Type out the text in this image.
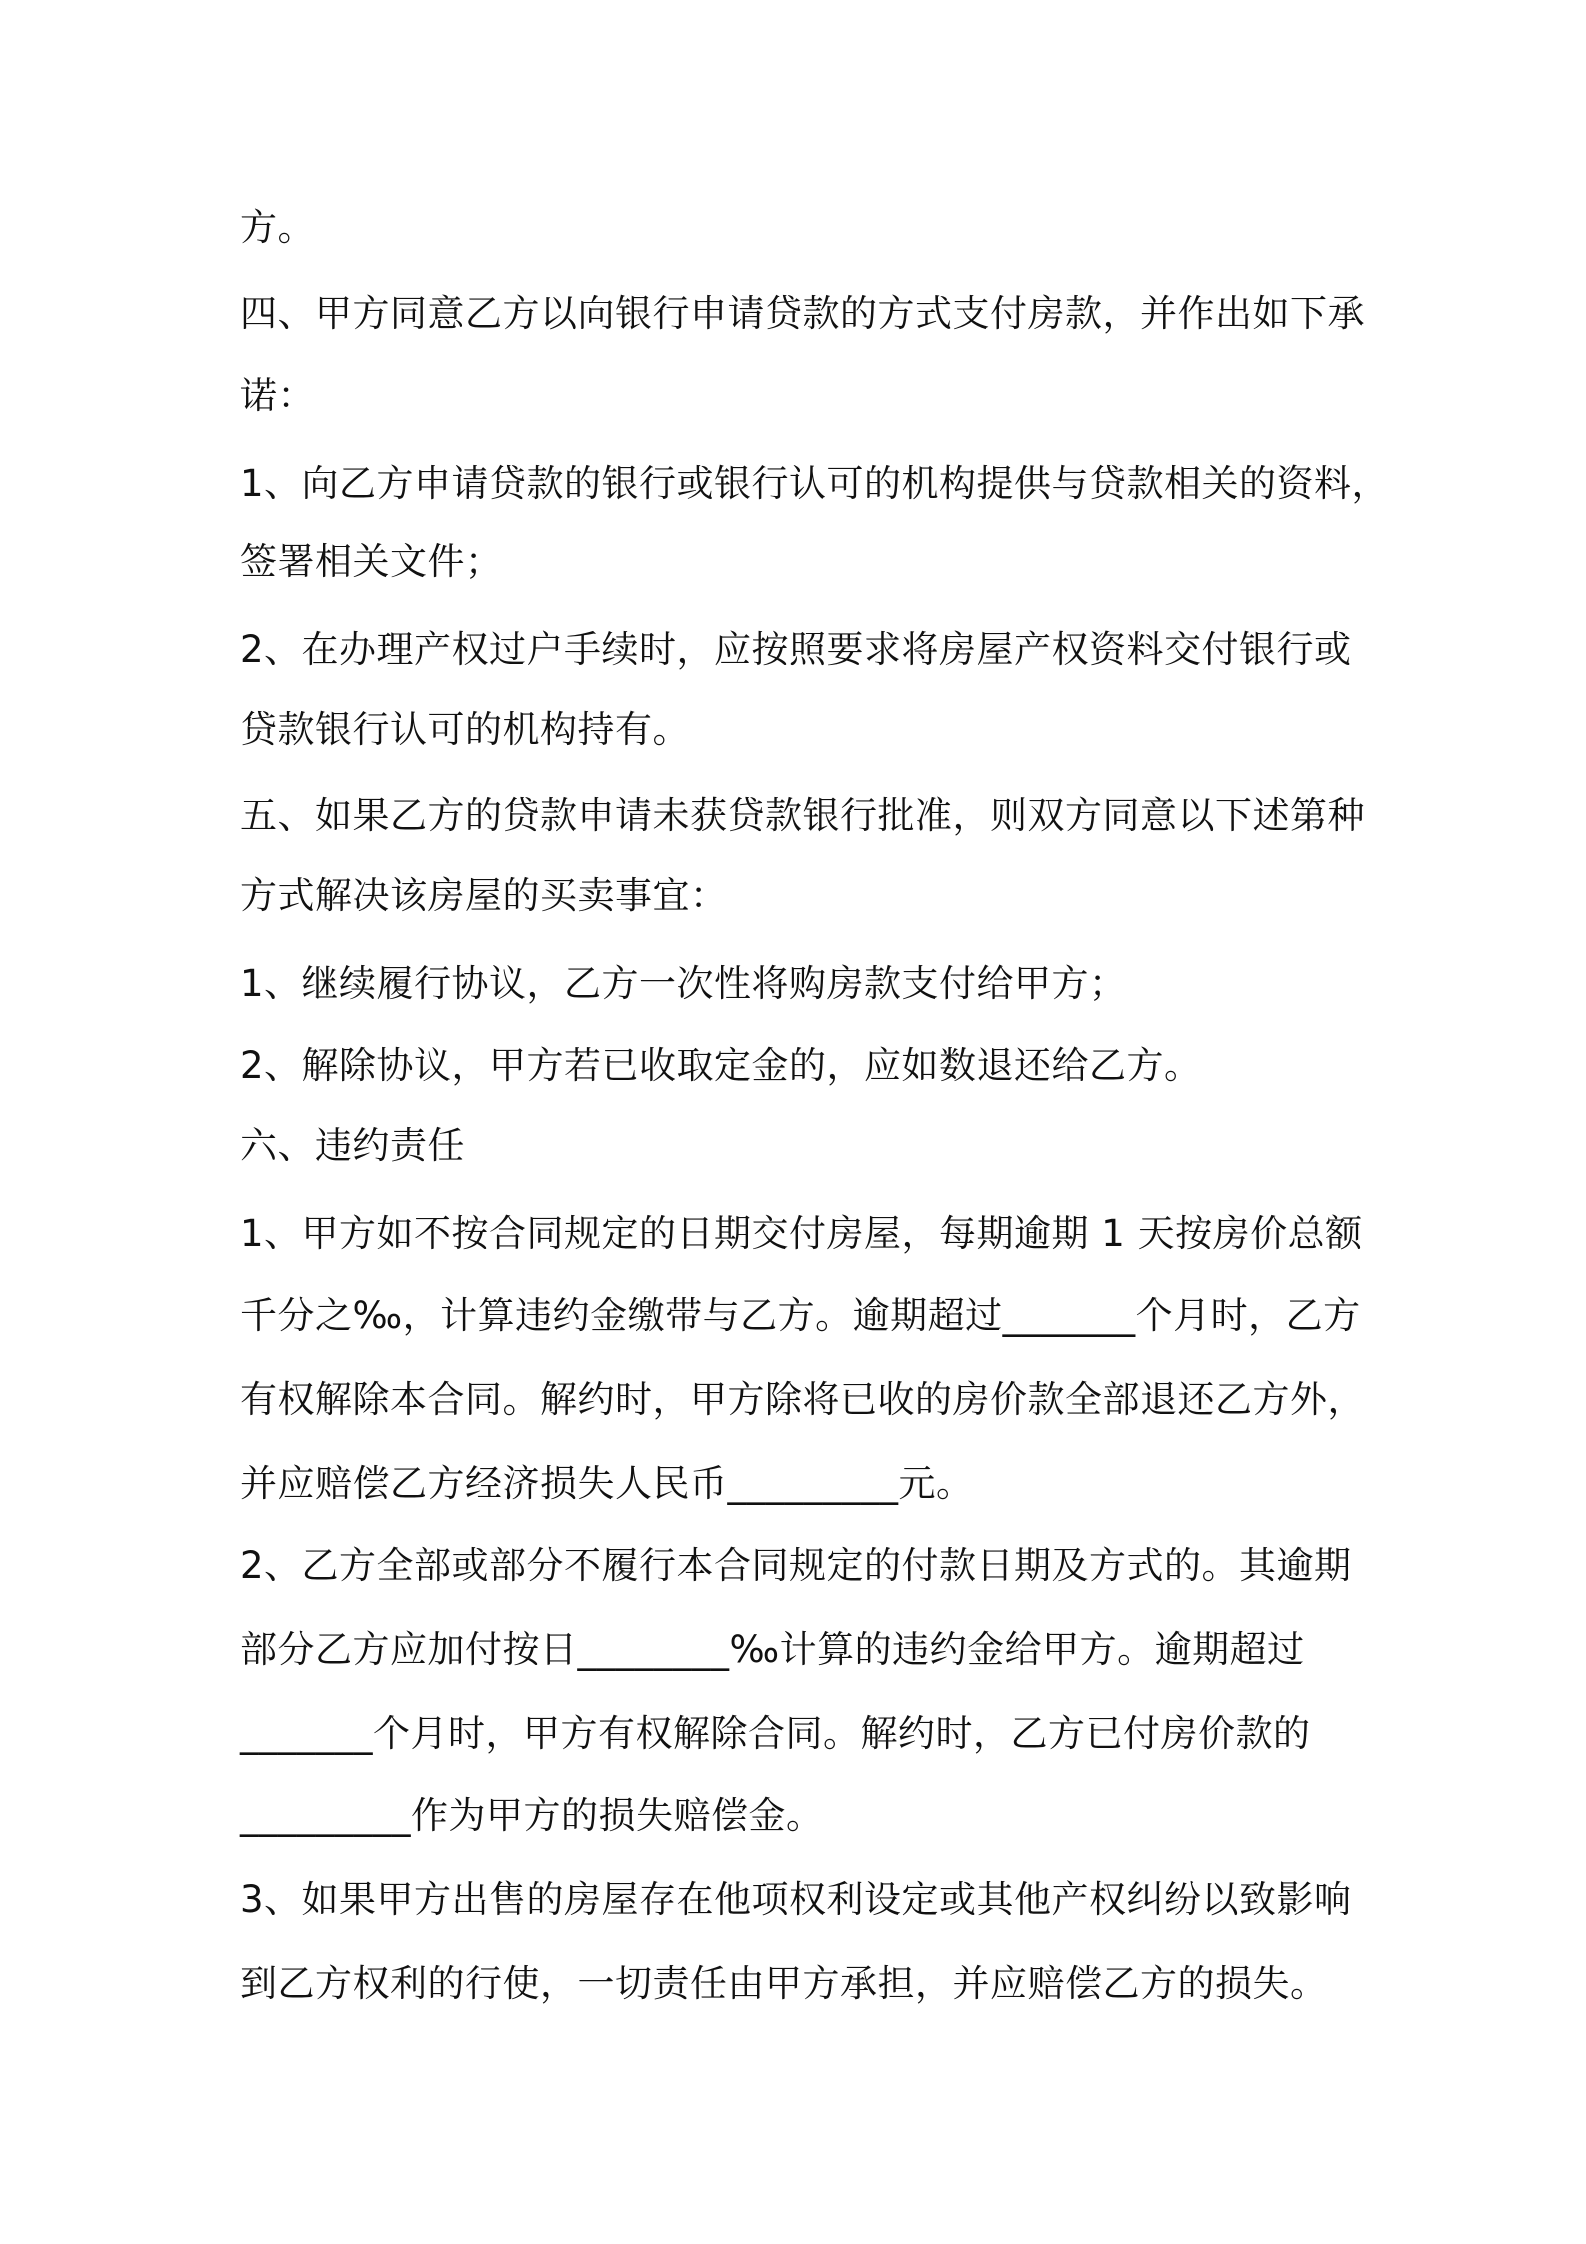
方。
四、甲方同意乙方以向银行申请贷款的方式支付房款，并作出如下承
诺：
1、向乙方申请贷款的银行或银行认可的机构提供与贷款相关的资料，
签署相关文件；
2、在办理产权过户手续时，应按照要求将房屋产权资料交付银行或
贷款银行认可的机构持有。
五、如果乙方的贷款申请未获贷款银行批准，则双方同意以下述第种
方式解决该房屋的买卖事宜：
1、继续履行协议，乙方一次性将购房款支付给甲方；
2、解除协议，甲方若已收取定金的，应如数退还给乙方。
六、违约责任
1、甲方如不按合同规定的日期交付房屋，每期逾期 1 天按房价总额
千分之‰，计算违约金缴带与乙方。逾期超过_______个月时，乙方
有权解除本合同。解约时，甲方除将已收的房价款全部退还乙方外，
并应赔偿乙方经济损失人民币_________元。
2、乙方全部或部分不履行本合同规定的付款日期及方式的。其逾期
部分乙方应加付按日________‰计算的违约金给甲方。逾期超过
_______个月时，甲方有权解除合同。解约时，乙方已付房价款的
_________作为甲方的损失赔偿金。
3、如果甲方出售的房屋存在他项权利设定或其他产权纠纷以致影响
到乙方权利的行使，一切责任由甲方承担，并应赔偿乙方的损失。
